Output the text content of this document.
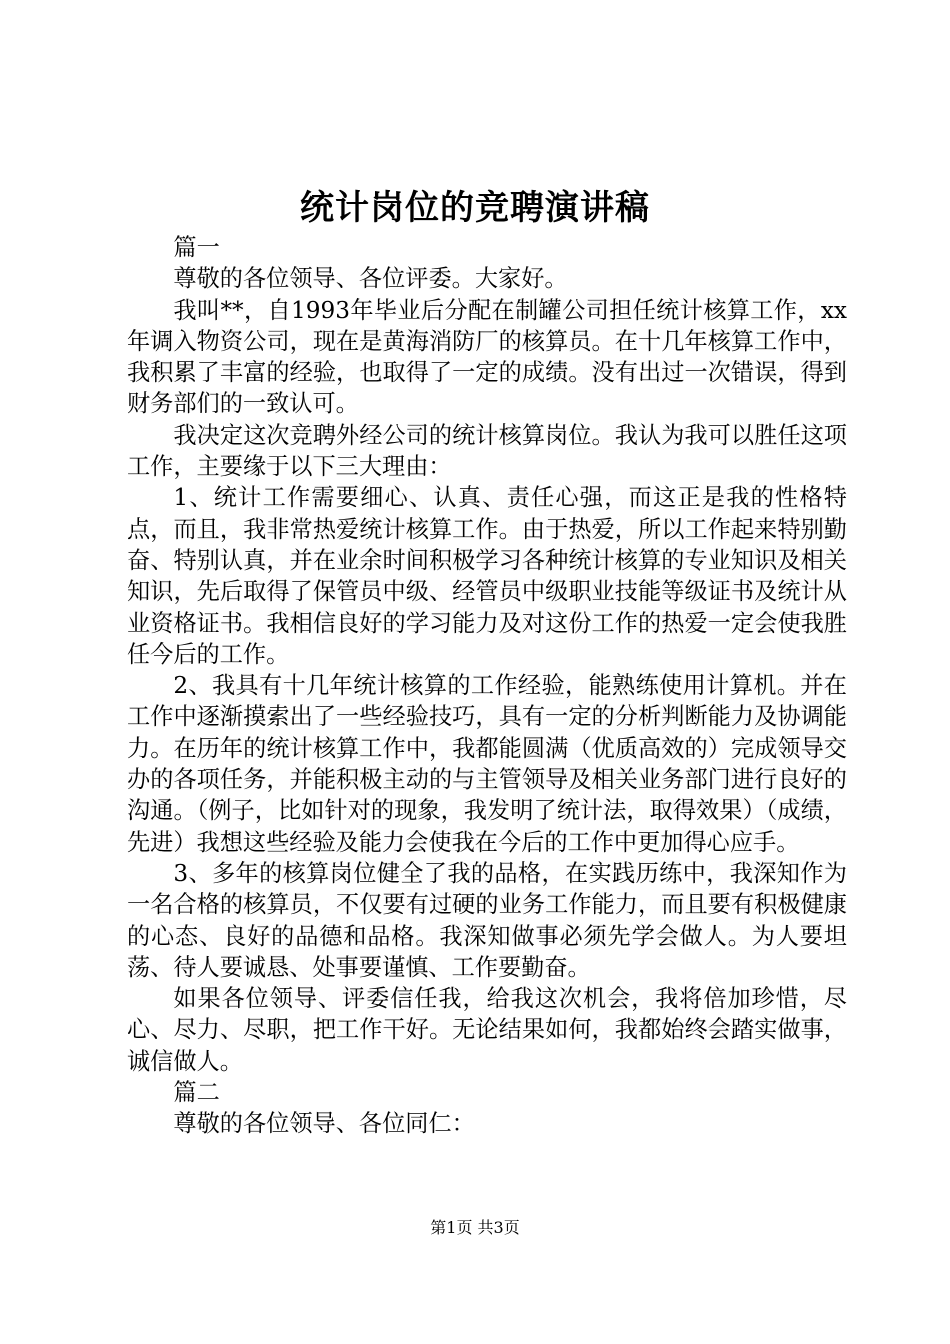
统计岗位的竞聘演讲稿

篇一

尊敬的各位领导、各位评委。大家好。

我叫**，自1993年毕业后分配在制罐公司担任统计核算工作，xx年调入物资公司，现在是黄海消防厂的核算员。在十几年核算工作中，我积累了丰富的经验，也取得了一定的成绩。没有出过一次错误，得到财务部们的一致认可。

我决定这次竞聘外经公司的统计核算岗位。我认为我可以胜任这项工作，主要缘于以下三大理由：

1、统计工作需要细心、认真、责任心强，而这正是我的性格特点，而且，我非常热爱统计核算工作。由于热爱，所以工作起来特别勤奋、特别认真，并在业余时间积极学习各种统计核算的专业知识及相关知识，先后取得了保管员中级、经管员中级职业技能等级证书及统计从业资格证书。我相信良好的学习能力及对这份工作的热爱一定会使我胜任今后的工作。

2、我具有十几年统计核算的工作经验，能熟练使用计算机。并在工作中逐渐摸索出了一些经验技巧，具有一定的分析判断能力及协调能力。在历年的统计核算工作中，我都能圆满（优质高效的）完成领导交办的各项任务，并能积极主动的与主管领导及相关业务部门进行良好的沟通。（例子，比如针对的现象，我发明了统计法，取得效果）（成绩，先进）我想这些经验及能力会使我在今后的工作中更加得心应手。

3、多年的核算岗位健全了我的品格，在实践历练中，我深知作为一名合格的核算员，不仅要有过硬的业务工作能力，而且要有积极健康的心态、良好的品德和品格。我深知做事必须先学会做人。为人要坦荡、待人要诚恳、处事要谨慎、工作要勤奋。

如果各位领导、评委信任我，给我这次机会，我将倍加珍惜，尽心、尽力、尽职，把工作干好。无论结果如何，我都始终会踏实做事，诚信做人。

篇二

尊敬的各位领导、各位同仁：

第1页 共3页
